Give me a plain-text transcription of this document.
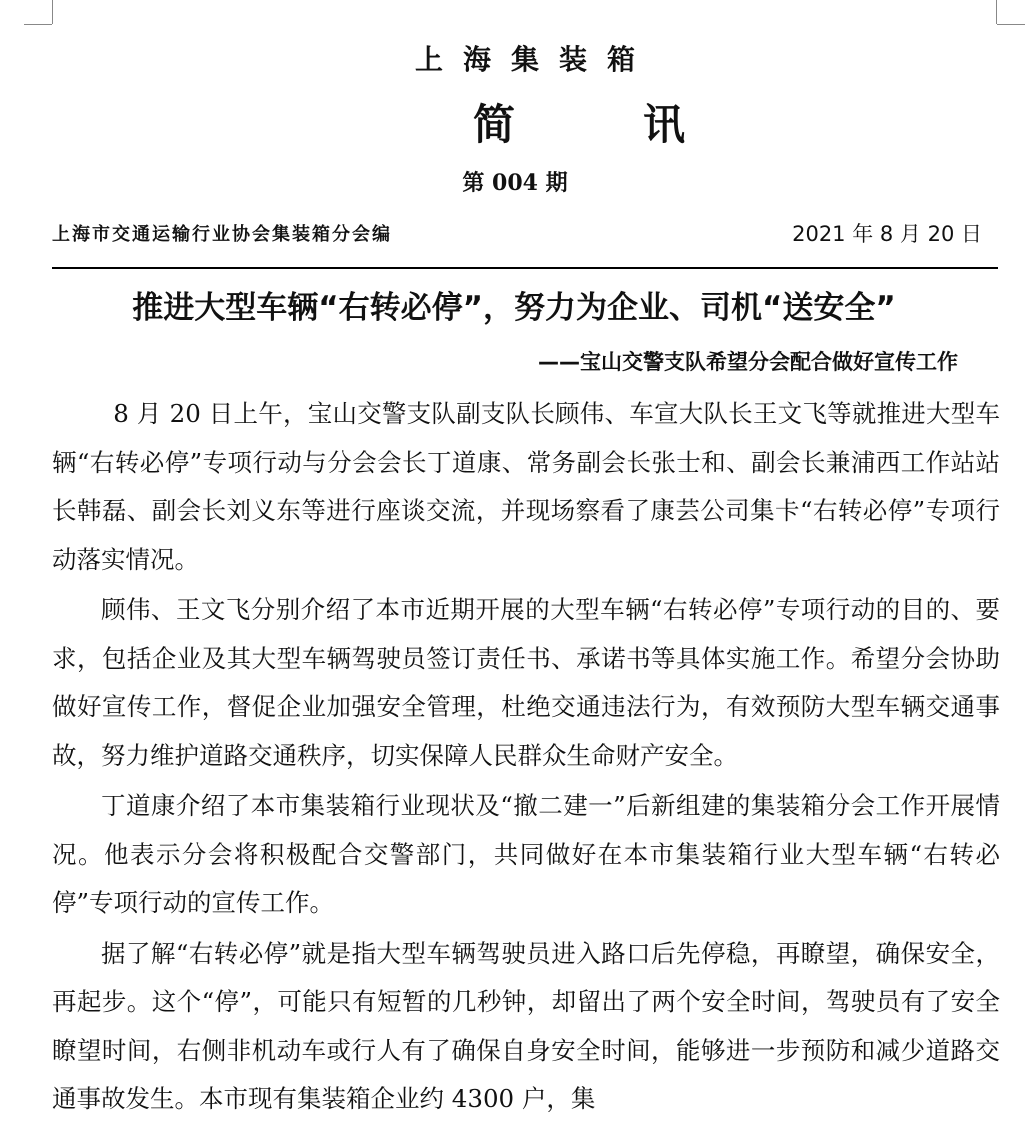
上海集装箱
简讯
第 004 期
上海市交通运输行业协会集装箱分会编	2021 年 8 月 20 日
推进大型车辆“右转必停”，努力为企业、司机“送安全”
——宝山交警支队希望分会配合做好宣传工作

8 月 20 日上午，宝山交警支队副支队长顾伟、车宣大队长王文飞等就推进大型车辆“右转必停”专项行动与分会会长丁道康、常务副会长张士和、副会长兼浦西工作站站长韩磊、副会长刘义东等进行座谈交流，并现场察看了康芸公司集卡“右转必停”专项行动落实情况。

顾伟、王文飞分别介绍了本市近期开展的大型车辆“右转必停”专项行动的目的、要求，包括企业及其大型车辆驾驶员签订责任书、承诺书等具体实施工作。希望分会协助做好宣传工作，督促企业加强安全管理，杜绝交通违法行为，有效预防大型车辆交通事故，努力维护道路交通秩序，切实保障人民群众生命财产安全。

丁道康介绍了本市集装箱行业现状及“撤二建一”后新组建的集装箱分会工作开展情况。他表示分会将积极配合交警部门，共同做好在本市集装箱行业大型车辆“右转必停”专项行动的宣传工作。

据了解“右转必停”就是指大型车辆驾驶员进入路口后先停稳，再瞭望，确保安全，再起步。这个“停”，可能只有短暂的几秒钟，却留出了两个安全时间，驾驶员有了安全瞭望时间，右侧非机动车或行人有了确保自身安全时间，能够进一步预防和减少道路交通事故发生。本市现有集装箱企业约 4300 户，集
